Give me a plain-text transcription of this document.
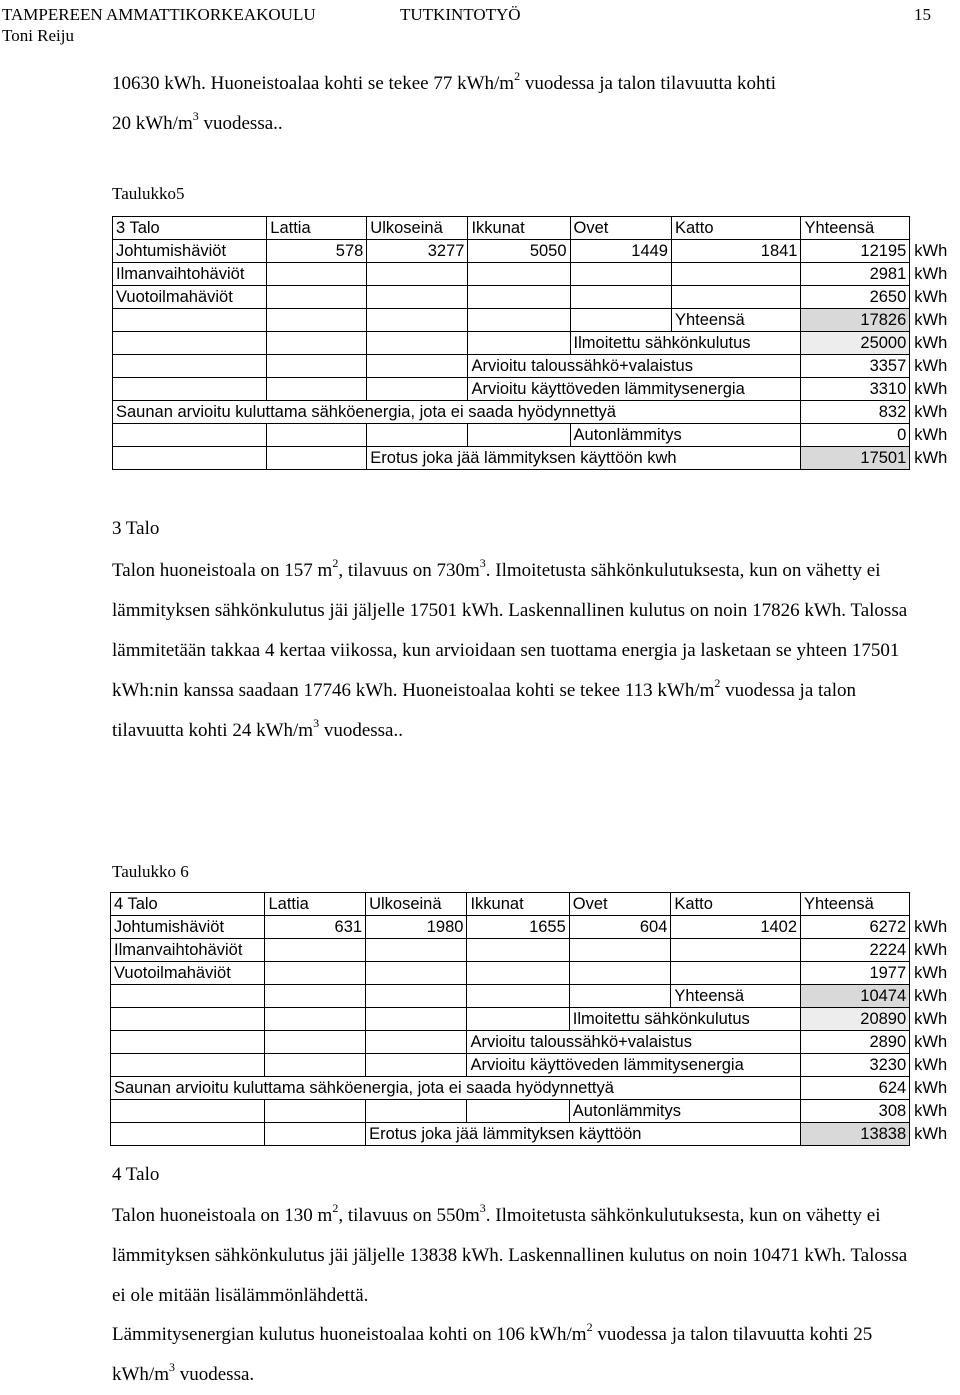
TAMPEREEN AMMATTIKORKEAKOULU	TUTKINTOTYÖ	15
Toni Reiju

10630 kWh. Huoneistoalaa kohti se tekee 77 kWh/$m^2$ vuodessa ja talon tilavuutta kohti
20 kWh/$m^3$ vuodessa..

Taulukko5
3 Talo	Lattia	Ulkoseinä	Ikkunat	Ovet	Katto	Yhteensä	
Johtumishäviöt	578	3277	5050	1449	1841	12195	kWh
Ilmanvaihtohäviöt						2981	kWh
Vuotoilmahäviöt						2650	kWh
					Yhteensä	17826	kWh
				Ilmoitettu sähkönkulutus		25000	kWh
			Arvioitu taloussähkö+valaistus			3357	kWh
			Arvioitu käyttöveden lämmitysenergia			3310	kWh
Saunan arvioitu kuluttama sähköenergia, jota ei saada hyödynnettyä						832	kWh
				Autonlämmitys		0	kWh
		Erotus joka jää lämmityksen käyttöön kwh				17501	kWh
3 Talo

Talon huoneistoala on 157 $m^2$, tilavuus on $730m^3$. Ilmoitetusta sähkönkulutuksesta, kun on vähetty ei lämmityksen sähkönkulutus jäi jäljelle 17501 kWh. Laskennallinen kulutus on noin 17826 kWh. Talossa lämmitetään takkaa 4 kertaa viikossa, kun arvioidaan sen tuottama energia ja lasketaan se yhteen 17501 kWh:nin kanssa saadaan 17746 kWh. Huoneistoalaa kohti se tekee 113 kWh/$m^2$ vuodessa ja talon tilavuutta kohti 24 kWh/$m^3$ vuodessa..

Taulukko 6
4 Talo	Lattia	Ulkoseinä	Ikkunat	Ovet	Katto	Yhteensä	
Johtumishäviöt	631	1980	1655	604	1402	6272	kWh
Ilmanvaihtohäviöt						2224	kWh
Vuotoilmahäviöt						1977	kWh
					Yhteensä	10474	kWh
				Ilmoitettu sähkönkulutus		20890	kWh
			Arvioitu taloussähkö+valaistus			2890	kWh
			Arvioitu käyttöveden lämmitysenergia			3230	kWh
Saunan arvioitu kuluttama sähköenergia, jota ei saada hyödynnettyä						624	kWh
				Autonlämmitys		308	kWh
		Erotus joka jää lämmityksen käyttöön				13838	kWh
4 Talo

Talon huoneistoala on 130 $m^2$, tilavuus on $550m^3$. Ilmoitetusta sähkönkulutuksesta, kun on vähetty ei lämmityksen sähkönkulutus jäi jäljelle 13838 kWh. Laskennallinen kulutus on noin 10471 kWh. Talossa ei ole mitään lisälämmönlähdettä.

Lämmitysenergian kulutus huoneistoalaa kohti on 106 kWh/$m^2$ vuodessa ja talon tilavuutta kohti 25 kWh/$m^3$ vuodessa.
